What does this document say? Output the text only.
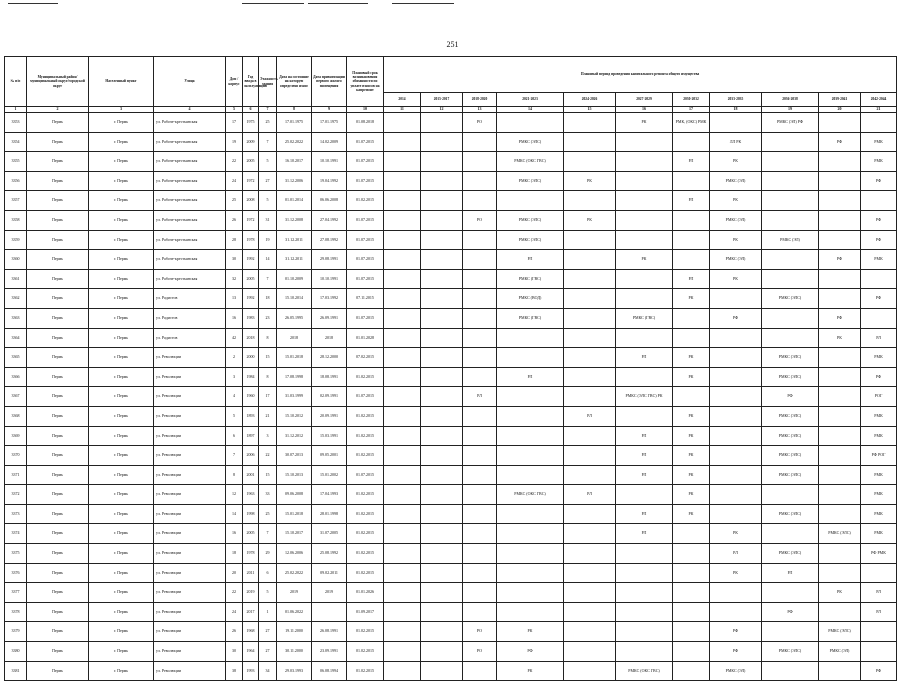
251
№ п/п	Муниципальный район/ муниципальный округ/городской округ	Населенный пункт	Улица	Дом / корпус	Год ввода в эксплуатацию	Этажность здания	Дата на состояние на которую определено износ	Дата приватизации первого жилого помещения	Плановый срок возникновения обязанности по уплате взносов на капремонт	Плановый период проведения капитального ремонта общего имущества										
										2014	2015-2017	2018-2020	2021-2023	2024-2026	2027-2029	2030-2032	2033-2035	2036-2038	2039-2041	2042-2044
1	2	3	4	5	6	7	8	9	10	11	12	13	14	15	16	17	18	19	20	21
3353	Пермь	г. Пермь	ул. Рабоче-крестьянская	17	1975	25	17.01.1975	17.01.1975	01.08.2018			РО			РК	РМК, (ОКС) РМК		РМКС (ЭЛ) РФ		
3354	Пермь	г. Пермь	ул. Рабоче-крестьянская	19	2009	7	25.02.2022	14.02.2009	01.07.2015				РМКС (ЭЛС)				ЛЛ РК		РФ	РМК
3355	Пермь	г. Пермь	ул. Рабоче-крестьянская	22	2005	5	16.10.2017	10.10.1991	01.07.2015				РМКС (ОКС ГВС)			РЛ	РК			РМК
3356	Пермь	г. Пермь	ул. Рабоче-крестьянская	24	1972	27	31.12.2006	19.04.1992	01.07.2015				РМКС (ЭЛС)	РК			РМКС (ЭЛ)			РФ
3357	Пермь	г. Пермь	ул. Рабоче-крестьянская	25	2008	5	01.01.2014	06.06.2008	01.02.2015							РЛ	РК			
3358	Пермь	г. Пермь	ул. Рабоче-крестьянская	26	1972	31	31.12.2008	27.04.1992	01.07.2015			РО	РМКС (ЭЛС)	РК			РМКС (ЭЛ)			РФ
3359	Пермь	г. Пермь	ул. Рабоче-крестьянская	28	1978	19	31.12.2011	27.08.1992	01.07.2015				РМКС (ЭЛС)				РК	РМКС (ЭЛ)		РФ
3360	Пермь	г. Пермь	ул. Рабоче-крестьянская	30	1992	14	31.12.2011	29.08.1991	01.07.2015				РЛ		РК		РМКС (ЭЛ)		РФ	РМК
3361	Пермь	г. Пермь	ул. Рабоче-крестьянская	32	2005	7	01.10.2009	10.10.1991	01.07.2015				РМКС (ГВС)			РЛ	РК			
3362	Пермь	г. Пермь	ул. Радистов	13	1992	18	15.10.2014	17.03.1992	07.11.2015				РМКС (ВОД)			РК		РМКС (ЭЛС)		РФ
3363	Пермь	г. Пермь	ул. Радистов	16	1983	23	26.05.1995	26.09.1991	01.07.2015				РМКС (ГВС)		РМКС (ГВС)		РФ		РФ	
3364	Пермь	г. Пермь	ул. Радистов	42	2018	8	2018	2018	01.01.2028										РК	РЛ
3365	Пермь	г. Пермь	ул. Революции	2	2000	15	15.01.2018	28.12.2000	07.02.2015						РЛ	РК		РМКС (ЭЛС)		РМК
3366	Пермь	г. Пермь	ул. Революции	3	1984	8	17.08.1998	18.08.1991	01.02.2015				РЛ			РК		РМКС (ЭЛС)		РФ
3367	Пермь	г. Пермь	ул. Революции	4	1960	17	31.03.1999	02.09.1991	01.07.2015			РЛ			РМКС (ЭЛС ГВС) РК			РФ		РОГ
3368	Пермь	г. Пермь	ул. Революции	5	1893	21	15.10.2012	20.09.1991	01.02.2015					РЛ		РК		РМКС (ЭЛС)		РМК
3369	Пермь	г. Пермь	ул. Революции	6	1897	3	31.12.2012	15.03.1991	01.02.2015						РЛ	РК		РМКС (ЭЛС)		РМК
3370	Пермь	г. Пермь	ул. Революции	7	2006	22	30.07.2013	09.05.2001	01.02.2015						РЛ	РК		РМКС (ЭЛС)		РФ РОГ
3371	Пермь	г. Пермь	ул. Революции	8	2001	15	15.10.2013	15.01.2002	01.07.2015						РЛ	РК		РМКС (ЭЛС)		РМК
3372	Пермь	г. Пермь	ул. Революции	12	1963	33	09.06.2008	17.04.1993	01.02.2015				РМКС (ОКС ГВС)	РЛ		РК				РМК
3373	Пермь	г. Пермь	ул. Революции	14	1998	25	15.01.2018	28.01.1998	01.02.2015						РЛ	РК		РМКС (ЭЛС)		РМК
3374	Пермь	г. Пермь	ул. Революции	16	2005	7	15.10.2017	31.07.2005	01.02.2015						РЛ		РК		РМКС (ЭЛС)	РМК
3375	Пермь	г. Пермь	ул. Революции	18	1978	29	12.06.2006	25.08.1992	01.02.2015								РЛ	РМКС (ЭЛС)		РФ РМК
3376	Пермь	г. Пермь	ул. Революции	20	2011	6	25.02.2022	09.02.2011	01.02.2015								РК	РЛ		
3377	Пермь	г. Пермь	ул. Революции	22	2019	5	2019	2019	01.01.2026										РК	РЛ
3378	Пермь	г. Пермь	ул. Революции	24	2017	1	01.06.2022		01.09.2017									РФ		РЛ
3379	Пермь	г. Пермь	ул. Революции	26	1968	27	19.11.2000	26.08.1991	01.02.2015			РО	РК				РФ		РМКС (ЭЛС)	
3380	Пермь	г. Пермь	ул. Революции	30	1964	27	30.11.2000	23.09.1991	01.02.2015			РО	РФ				РФ	РМКС (ЭЛС)	РМКС (ЭЛ)	
3381	Пермь	г. Пермь	ул. Революции	38	1993	34	29.03.1993	06.08.1994	01.02.2015				РК		РМКС (ОКС ГВС)		РМКС (ЭЛ)			РФ
